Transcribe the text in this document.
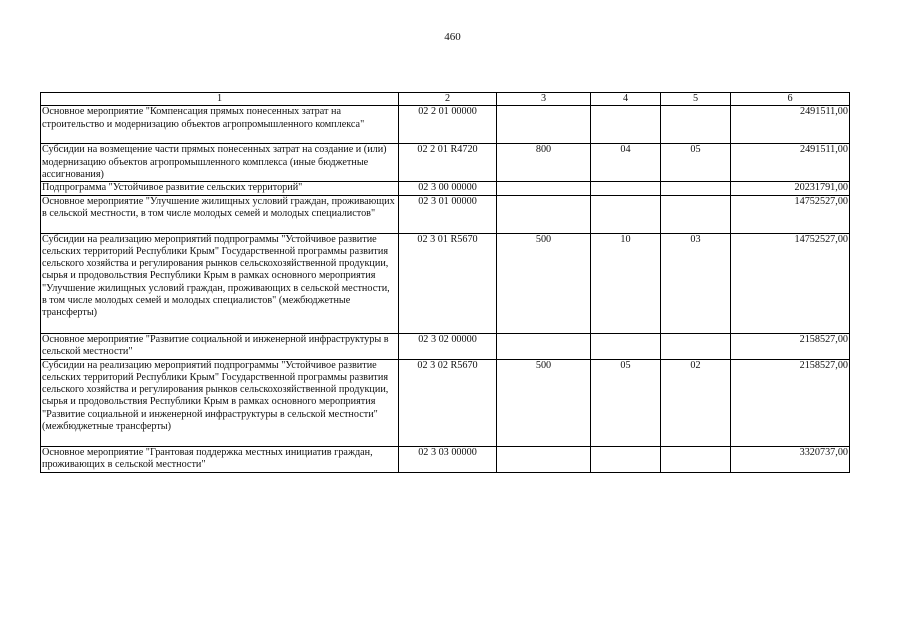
460
1	2	3	4	5	6
Основное мероприятие "Компенсация прямых понесенных затрат на строительство и модернизацию объектов агропромышленного комплекса"	02 2 01 00000				2491511,00
Субсидии на возмещение части прямых понесенных затрат на создание и (или) модернизацию объектов агропромышленного комплекса (иные бюджетные ассигнования)	02 2 01 R4720	800	04	05	2491511,00
Подпрограмма "Устойчивое развитие сельских территорий"	02 3 00 00000				20231791,00
Основное мероприятие "Улучшение жилищных условий граждан, проживающих в сельской местности, в том числе молодых семей и молодых специалистов"	02 3 01 00000				14752527,00
Субсидии на реализацию мероприятий подпрограммы "Устойчивое развитие сельских территорий Республики Крым" Государственной программы развития сельского хозяйства и регулирования рынков сельскохозяйственной продукции, сырья и продовольствия Республики Крым в рамках основного мероприятия "Улучшение жилищных условий граждан, проживающих в сельской местности, в том числе молодых семей и молодых специалистов" (межбюджетные трансферты)	02 3 01 R5670	500	10	03	14752527,00
Основное мероприятие "Развитие социальной и инженерной инфраструктуры в сельской местности"	02 3 02 00000				2158527,00
Субсидии на реализацию мероприятий подпрограммы "Устойчивое развитие сельских территорий Республики Крым" Государственной программы развития сельского хозяйства и регулирования рынков сельскохозяйственной продукции, сырья и продовольствия Республики Крым в рамках основного мероприятия "Развитие социальной и инженерной инфраструктуры в сельской местности" (межбюджетные трансферты)	02 3 02 R5670	500	05	02	2158527,00
Основное мероприятие "Грантовая поддержка местных инициатив граждан, проживающих в сельской местности"	02 3 03 00000				3320737,00
